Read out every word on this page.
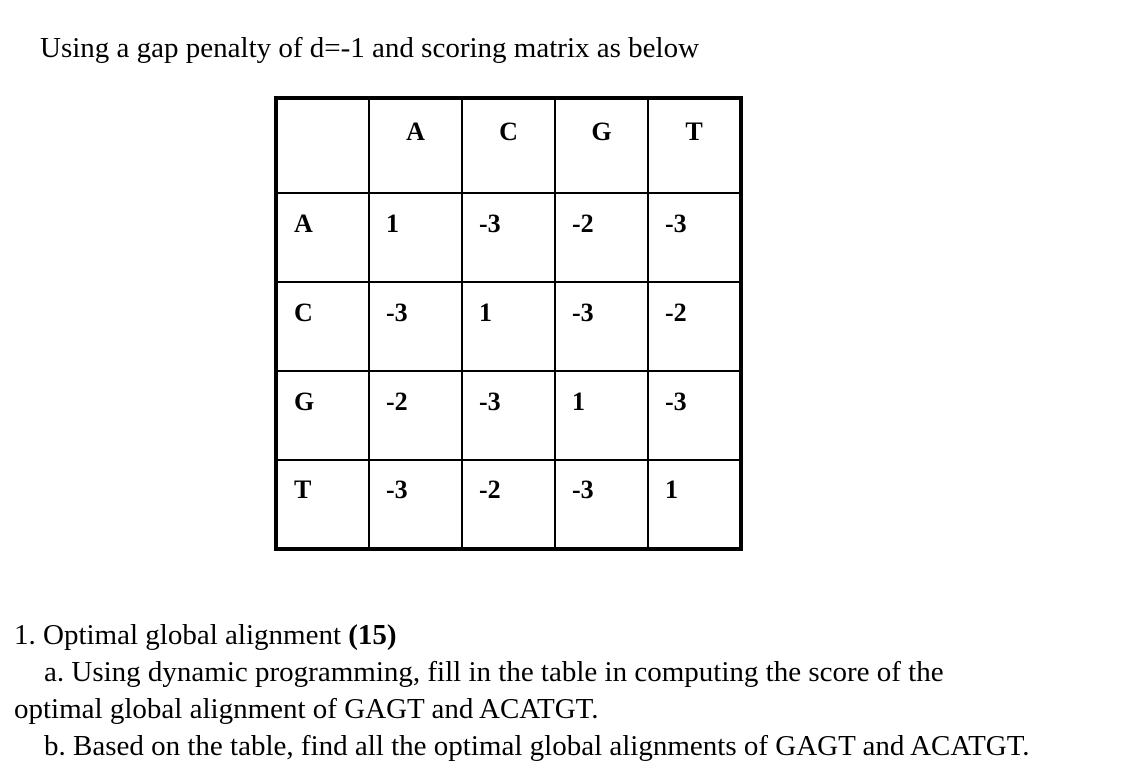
Using a gap penalty of d=-1 and scoring matrix as below
	A	C	G	T
A	1	-3	-2	-3
C	-3	1	-3	-2
G	-2	-3	1	-3
T	-3	-2	-3	1
1. Optimal global alignment (15)
a. Using dynamic programming, fill in the table in computing the score of the
optimal global alignment of GAGT and ACATGT.
b. Based on the table, find all the optimal global alignments of GAGT and ACATGT.
